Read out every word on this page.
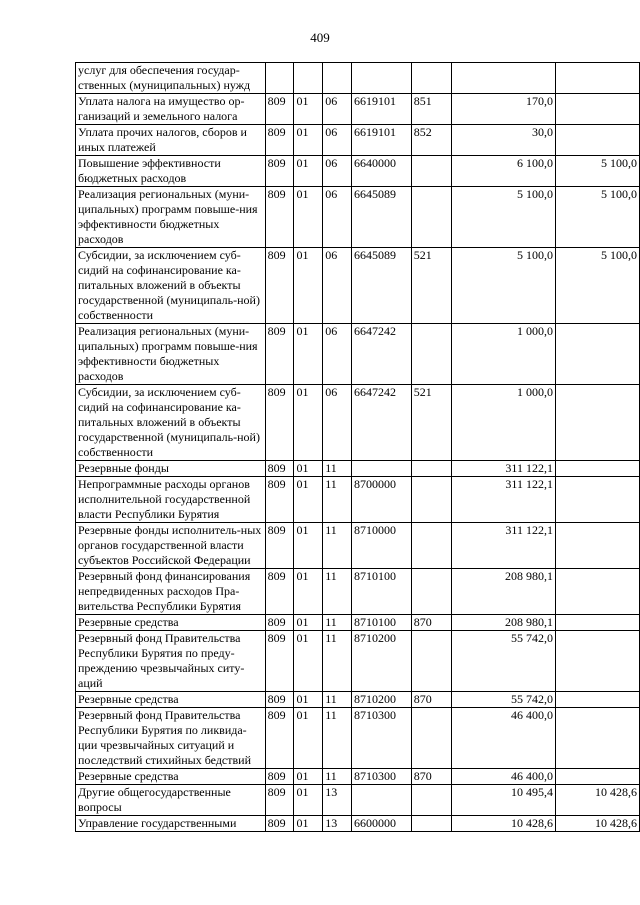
409
услуг для обеспечения государ-ственных (муниципальных) нужд							
Уплата налога на имущество ор-ганизаций и земельного налога	809	01	06	6619101	851	170,0	
Уплата прочих налогов, сборов и иных платежей	809	01	06	6619101	852	30,0	
Повышение эффективности бюджетных расходов	809	01	06	6640000		6 100,0	5 100,0
Реализация региональных (муни-ципальных) программ повыше-ния эффективности бюджетных расходов	809	01	06	6645089		5 100,0	5 100,0
Субсидии, за исключением суб-сидий на софинансирование ка-питальных вложений в объекты государственной (муниципаль-ной) собственности	809	01	06	6645089	521	5 100,0	5 100,0
Реализация региональных (муни-ципальных) программ повыше-ния эффективности бюджетных расходов	809	01	06	6647242		1 000,0	
Субсидии, за исключением суб-сидий на софинансирование ка-питальных вложений в объекты государственной (муниципаль-ной) собственности	809	01	06	6647242	521	1 000,0	
Резервные фонды	809	01	11			311 122,1	
Непрограммные расходы органов исполнительной государственной власти Республики Бурятия	809	01	11	8700000		311 122,1	
Резервные фонды исполнитель-ных органов государственной власти субъектов Российской Федерации	809	01	11	8710000		311 122,1	
Резервный фонд финансирования непредвиденных расходов Пра-вительства Республики Бурятия	809	01	11	8710100		208 980,1	
Резервные средства	809	01	11	8710100	870	208 980,1	
Резервный фонд Правительства Республики Бурятия по преду-преждению чрезвычайных ситу-аций	809	01	11	8710200		55 742,0	
Резервные средства	809	01	11	8710200	870	55 742,0	
Резервный фонд Правительства Республики Бурятия по ликвида-ции чрезвычайных ситуаций и последствий стихийных бедствий	809	01	11	8710300		46 400,0	
Резервные средства	809	01	11	8710300	870	46 400,0	
Другие общегосударственные вопросы	809	01	13			10 495,4	10 428,6
Управление государственными	809	01	13	6600000		10 428,6	10 428,6
